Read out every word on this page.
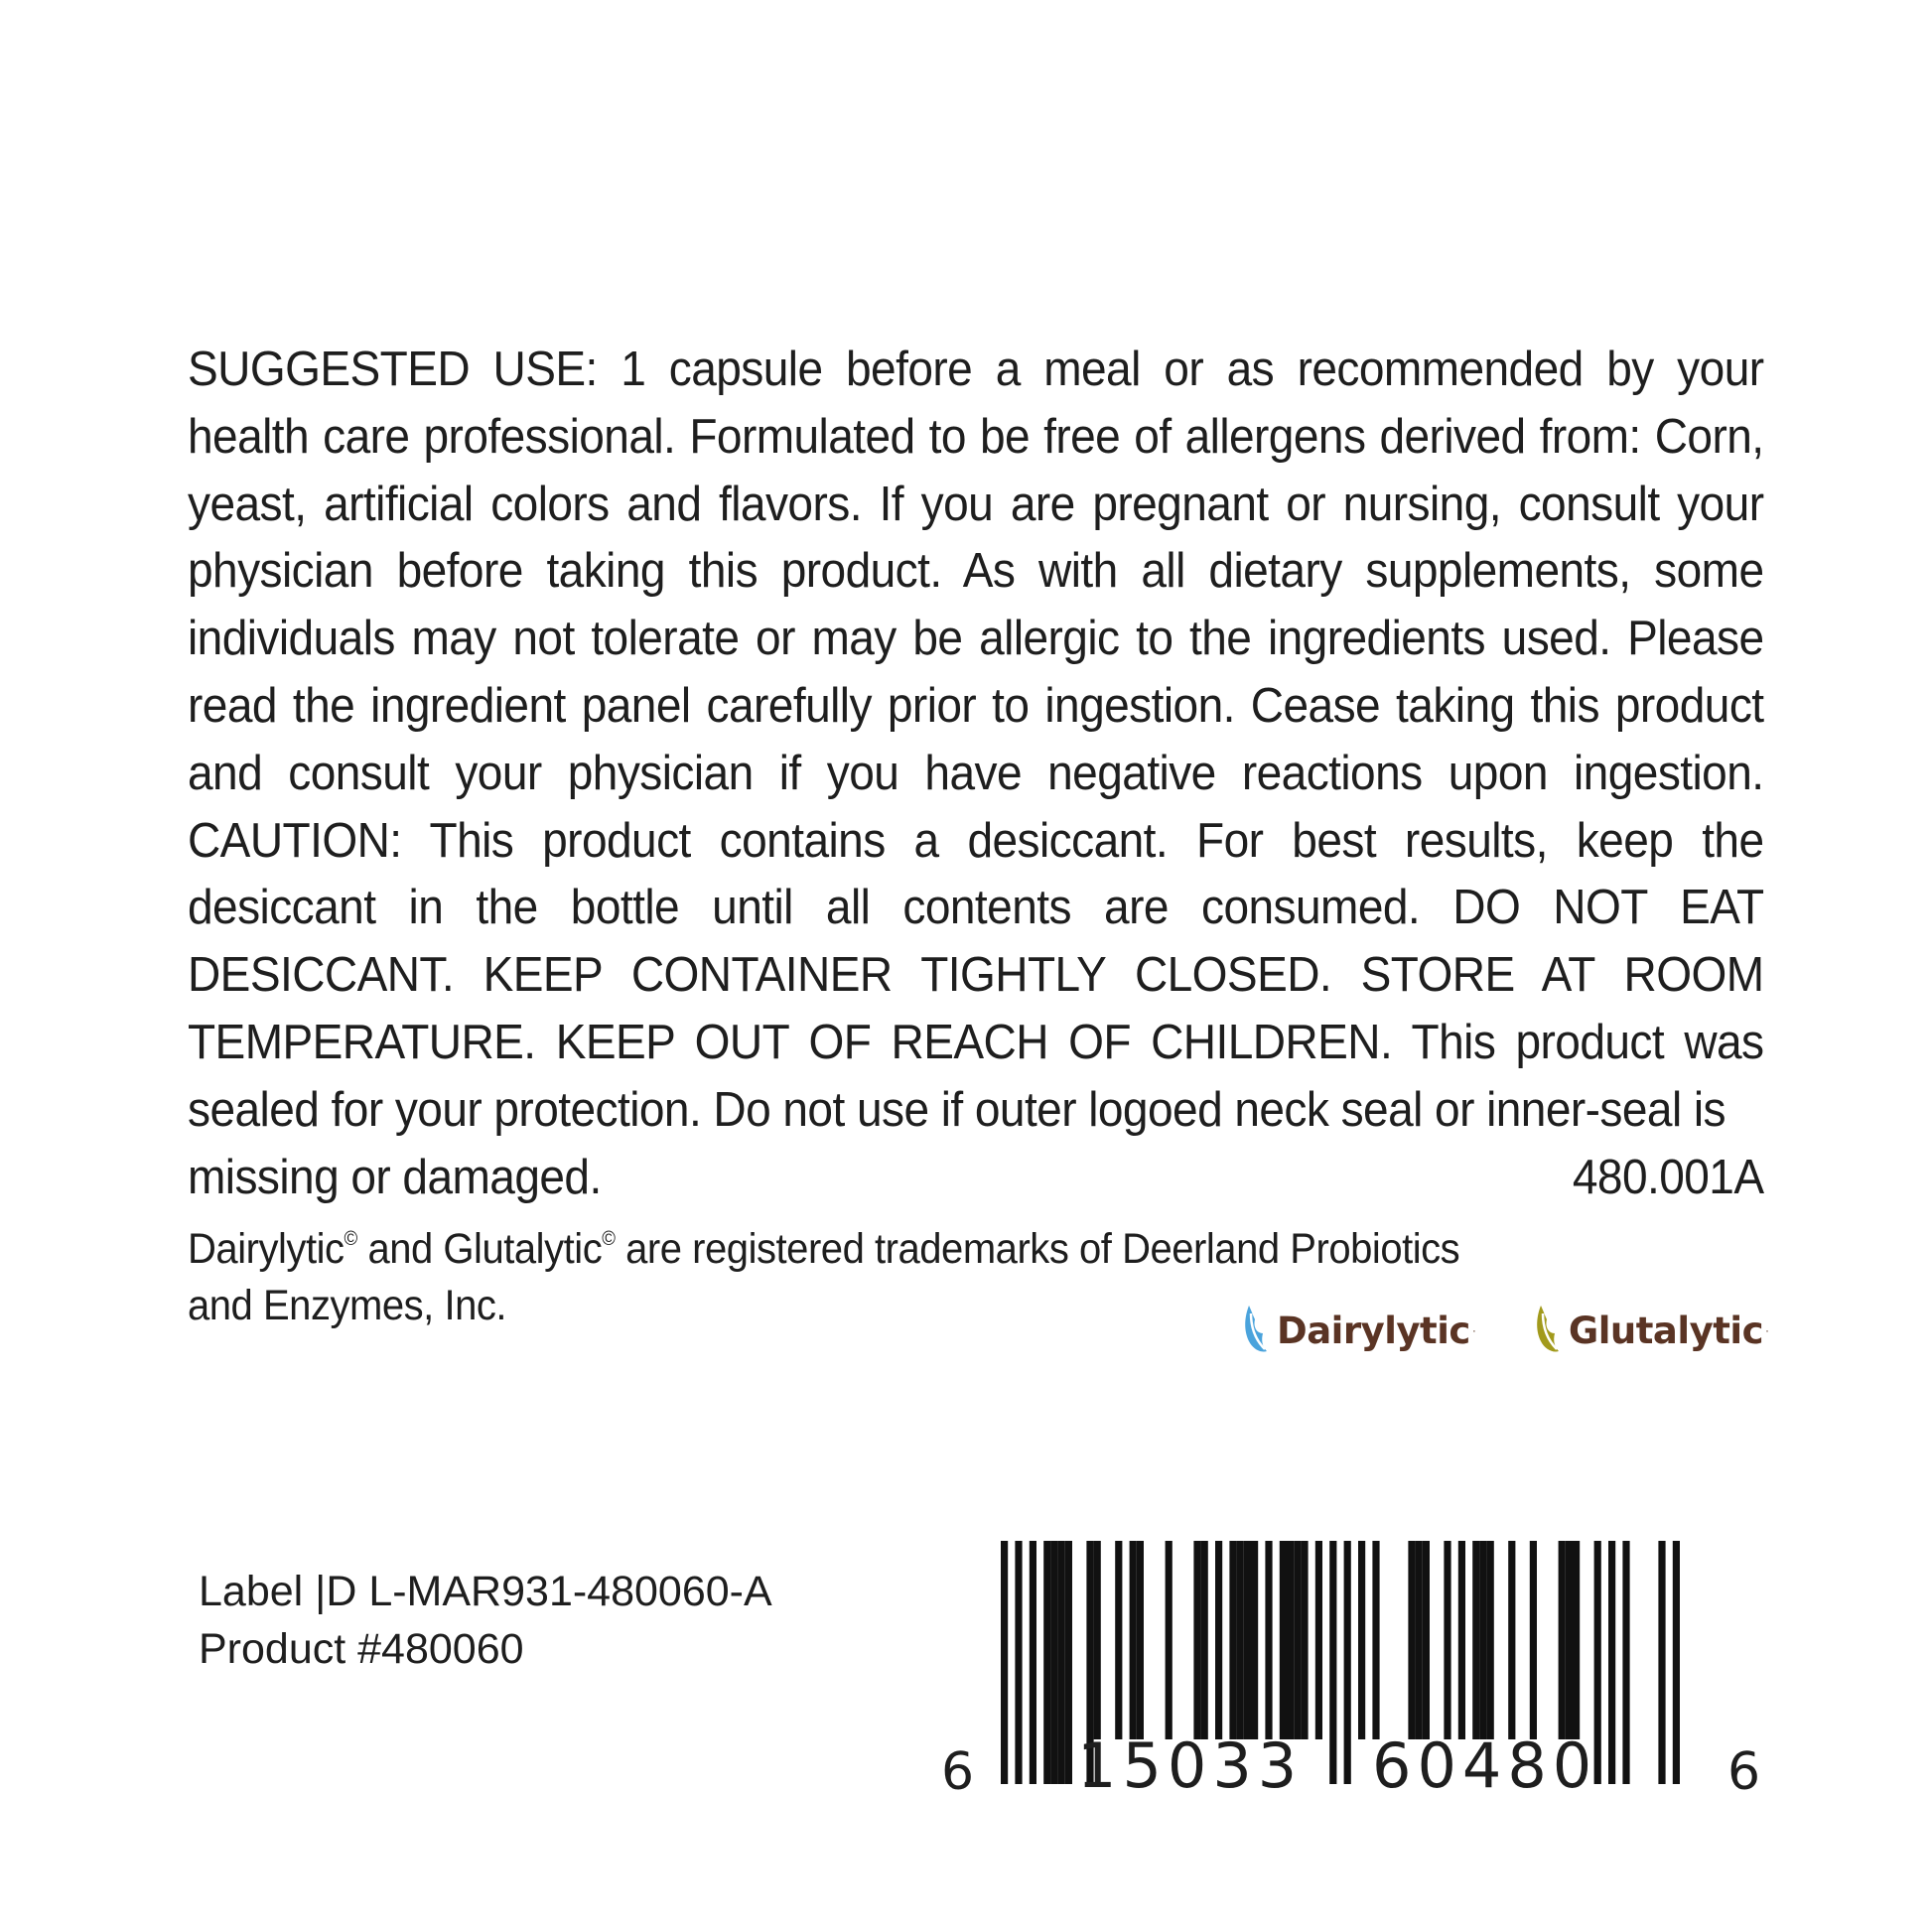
SUGGESTED USE: 1 capsule before a meal or as recommended by your health care professional. Formulated to be free of allergens derived from: Corn, yeast, artificial colors and flavors. If you are pregnant or nursing, consult your physician before taking this product. As with all dietary supplements, some individuals may not tolerate or may be allergic to the ingredients used. Please read the ingredient panel carefully prior to ingestion. Cease taking this product and consult your physician if you have negative reactions upon ingestion. CAUTION: This product contains a desiccant. For best results, keep the desiccant in the bottle until all contents are consumed. DO NOT EAT DESICCANT. KEEP CONTAINER TIGHTLY CLOSED. STORE AT ROOM TEMPERATURE. KEEP OUT OF REACH OF CHILDREN. This product was sealed for your protection. Do not use if outer logoed neck seal or inner-seal is
missing or damaged.	480.001A
Dairylytic© and Glutalytic© are registered trademarks of Deerland Probiotics
and Enzymes, Inc.
Dairylytic ·	Glutalytic ·
Label |D L-MAR931-480060-A
Product #480060
6 15033 60480	6
